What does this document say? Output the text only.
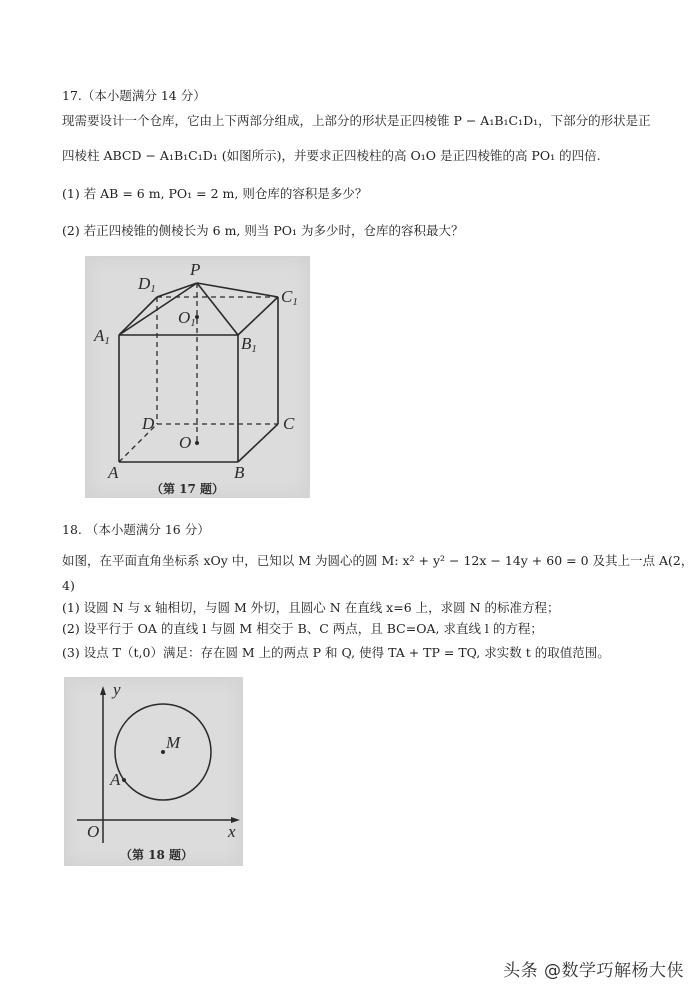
17.（本小题满分 14 分）
现需要设计一个仓库，它由上下两部分组成，上部分的形状是正四棱锥 P − A₁B₁C₁D₁，下部分的形状是正
四棱柱 ABCD − A₁B₁C₁D₁ (如图所示)，并要求正四棱柱的高 O₁O 是正四棱锥的高 PO₁ 的四倍.
(1) 若 AB = 6 m, PO₁ = 2 m, 则仓库的容积是多少？
(2) 若正四棱锥的侧棱长为 6 m, 则当 PO₁ 为多少时，仓库的容积最大？
P
D1	C1
O1
A1	B1
D	C
O
A	B
（第 17 题）
18. （本小题满分 16 分）
如图，在平面直角坐标系 xOy 中，已知以 M 为圆心的圆 M: x² + y² − 12x − 14y + 60 = 0 及其上一点 A(2，
4)
(1) 设圆 N 与 x 轴相切，与圆 M 外切，且圆心 N 在直线 x=6 上，求圆 N 的标准方程；
(2) 设平行于 OA 的直线 l 与圆 M 相交于 B、C 两点，且 BC=OA, 求直线 l 的方程；
(3) 设点 T（t,0）满足：存在圆 M 上的两点 P 和 Q, 使得 TA + TP = TQ, 求实数 t 的取值范围。
y
x
O
M
A
（第 18 题）
头条 @数学巧解杨大侠
